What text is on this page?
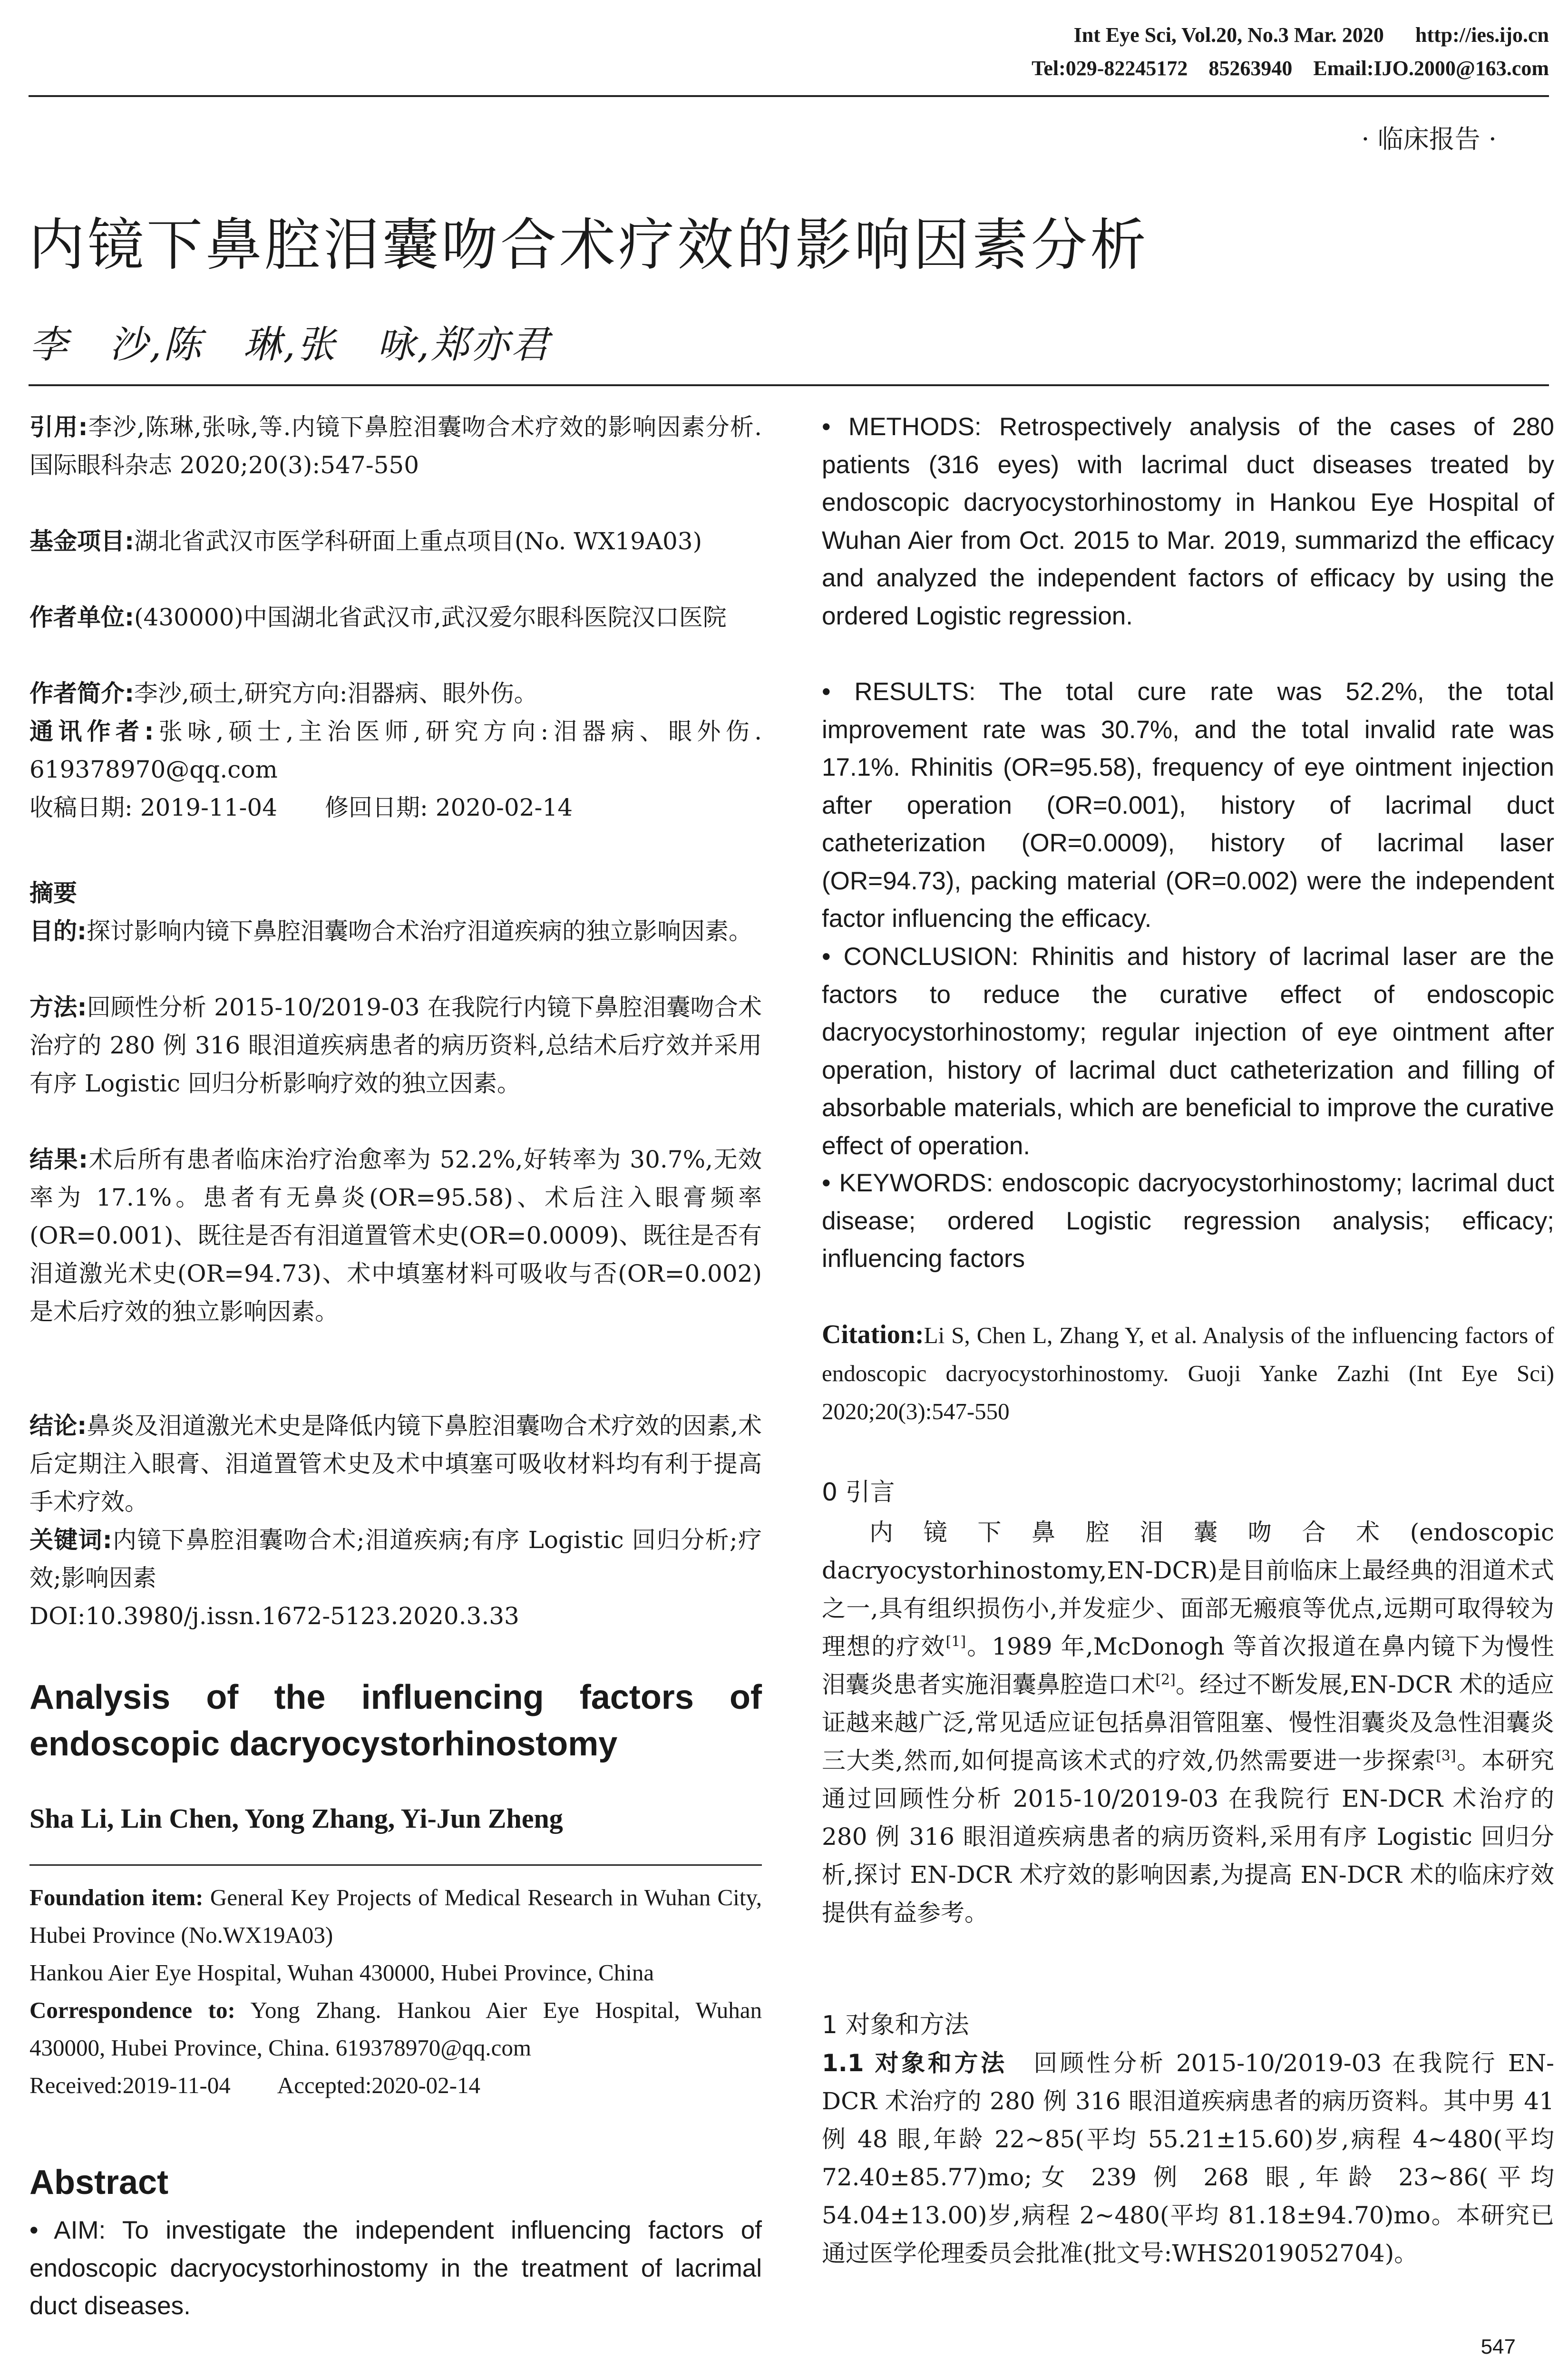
Int Eye Sci, Vol.20, No.3 Mar. 2020      http://ies.ijo.cn
Tel:029-82245172    85263940    Email:IJO.2000@163.com
· 临床报告 ·
内镜下鼻腔泪囊吻合术疗效的影响因素分析
李　沙,陈　琳,张　咏,郑亦君
引用:李沙,陈琳,张咏,等.内镜下鼻腔泪囊吻合术疗效的影响因素分析.国际眼科杂志 2020;20(3):547-550
基金项目:湖北省武汉市医学科研面上重点项目(No. WX19A03)
作者单位:(430000)中国湖北省武汉市,武汉爱尔眼科医院汉口医院
作者简介:李沙,硕士,研究方向:泪器病、眼外伤。
通讯作者:张咏,硕士,主治医师,研究方向:泪器病、眼外伤. 619378970@qq.com
收稿日期: 2019-11-04　　修回日期: 2020-02-14
摘要
目的:探讨影响内镜下鼻腔泪囊吻合术治疗泪道疾病的独立影响因素。
方法:回顾性分析 2015-10/2019-03 在我院行内镜下鼻腔泪囊吻合术治疗的 280 例 316 眼泪道疾病患者的病历资料,总结术后疗效并采用有序 Logistic 回归分析影响疗效的独立因素。
结果:术后所有患者临床治疗治愈率为 52.2%,好转率为 30.7%,无效率为 17.1%。患者有无鼻炎(OR=95.58)、术后注入眼膏频率(OR=0.001)、既往是否有泪道置管术史(OR=0.0009)、既往是否有泪道激光术史(OR=94.73)、术中填塞材料可吸收与否(OR=0.002)是术后疗效的独立影响因素。
结论:鼻炎及泪道激光术史是降低内镜下鼻腔泪囊吻合术疗效的因素,术后定期注入眼膏、泪道置管术史及术中填塞可吸收材料均有利于提高手术疗效。
关键词:内镜下鼻腔泪囊吻合术;泪道疾病;有序 Logistic 回归分析;疗效;影响因素
DOI:10.3980/j.issn.1672-5123.2020.3.33
Analysis of the influencing factors of endoscopic dacryocystorhinostomy
Sha Li, Lin Chen, Yong Zhang, Yi-Jun Zheng
Foundation item: General Key Projects of Medical Research in Wuhan City, Hubei Province (No.WX19A03)
Hankou Aier Eye Hospital, Wuhan 430000, Hubei Province, China
Correspondence to: Yong Zhang. Hankou Aier Eye Hospital, Wuhan 430000, Hubei Province, China. 619378970@qq.com
Received:2019-11-04　　Accepted:2020-02-14
Abstract
• AIM: To investigate the independent influencing factors of endoscopic dacryocystorhinostomy in the treatment of lacrimal duct diseases.
• METHODS: Retrospectively analysis of the cases of 280 patients (316 eyes) with lacrimal duct diseases treated by endoscopic dacryocystorhinostomy in Hankou Eye Hospital of Wuhan Aier from Oct. 2015 to Mar. 2019, summarizd the efficacy and analyzed the independent factors of efficacy by using the ordered Logistic regression.
• RESULTS: The total cure rate was 52.2%, the total improvement rate was 30.7%, and the total invalid rate was 17.1%. Rhinitis (OR=95.58), frequency of eye ointment injection after operation (OR=0.001), history of lacrimal duct catheterization (OR=0.0009), history of lacrimal laser (OR=94.73), packing material (OR=0.002) were the independent factor influencing the efficacy.
• CONCLUSION: Rhinitis and history of lacrimal laser are the factors to reduce the curative effect of endoscopic dacryocystorhinostomy; regular injection of eye ointment after operation, history of lacrimal duct catheterization and filling of absorbable materials, which are beneficial to improve the curative effect of operation.
• KEYWORDS: endoscopic dacryocystorhinostomy; lacrimal duct disease; ordered Logistic regression analysis; efficacy; influencing factors
Citation:Li S, Chen L, Zhang Y, et al. Analysis of the influencing factors of endoscopic dacryocystorhinostomy. Guoji Yanke Zazhi (Int Eye Sci) 2020;20(3):547-550
0 引言
内镜下鼻腔泪囊吻合术(endoscopic dacryocystorhinostomy,EN-DCR)是目前临床上最经典的泪道术式之一,具有组织损伤小,并发症少、面部无瘢痕等优点,远期可取得较为理想的疗效[1]。1989 年,McDonogh 等首次报道在鼻内镜下为慢性泪囊炎患者实施泪囊鼻腔造口术[2]。经过不断发展,EN-DCR 术的适应证越来越广泛,常见适应证包括鼻泪管阻塞、慢性泪囊炎及急性泪囊炎三大类,然而,如何提高该术式的疗效,仍然需要进一步探索[3]。本研究通过回顾性分析 2015-10/2019-03 在我院行 EN-DCR 术治疗的 280 例 316 眼泪道疾病患者的病历资料,采用有序 Logistic 回归分析,探讨 EN-DCR 术疗效的影响因素,为提高 EN-DCR 术的临床疗效提供有益参考。
1 对象和方法
1.1 对象和方法　回顾性分析 2015-10/2019-03 在我院行 EN-DCR 术治疗的 280 例 316 眼泪道疾病患者的病历资料。其中男 41 例 48 眼,年龄 22~85(平均 55.21±15.60)岁,病程 4~480(平均 72.40±85.77)mo;女 239 例 268 眼,年龄 23~86(平均 54.04±13.00)岁,病程 2~480(平均 81.18±94.70)mo。本研究已通过医学伦理委员会批准(批文号:WHS2019052704)。
547
